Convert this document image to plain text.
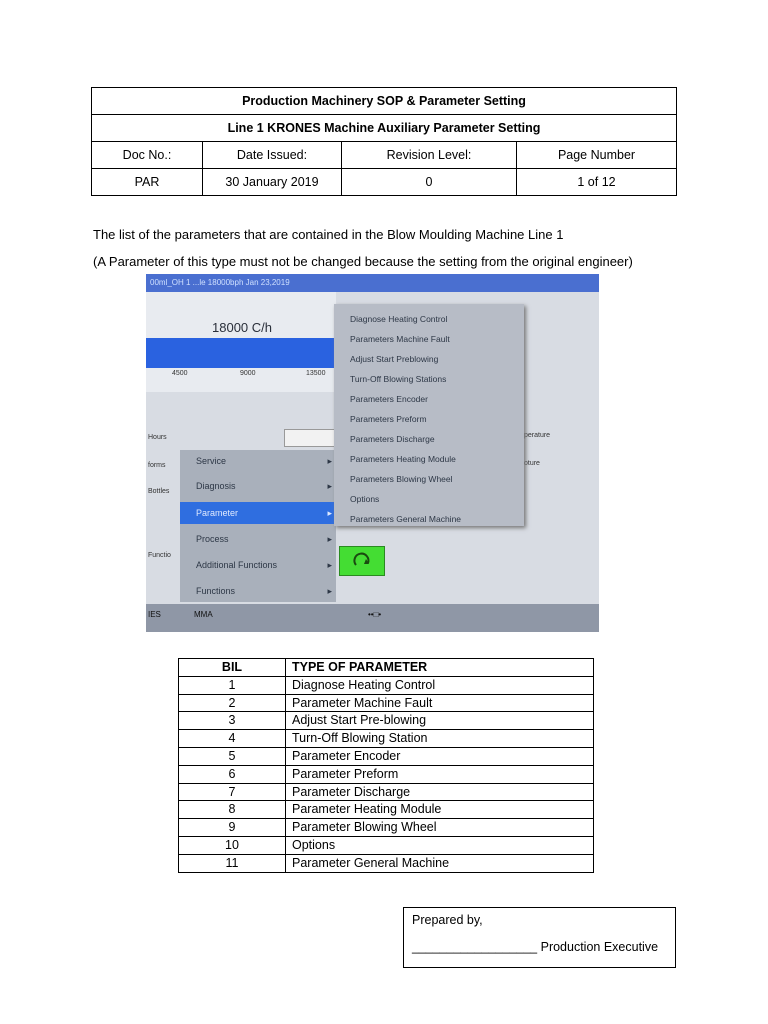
Production Machinery SOP & Parameter Setting			
Line 1 KRONES Machine Auxiliary Parameter Setting			
Doc No.:	Date Issued:	Revision Level:	Page Number
PAR	30 January 2019	0	1 of 12
The list of the parameters that are contained in the Blow Moulding Machine Line 1
(A Parameter of this type must not be changed because the setting from the original engineer)
00ml_OH 1 ...le 18000bph Jan 23,2019
18000 C/h
4500	9000	13500
Hours
forms
Bottles
Functio
perature
oture
Service	▸
Diagnosis	▸
Parameter	▸
Process	▸
Additional Functions	▸
Functions	▸
Diagnose Heating Control
Parameters Machine Fault
Adjust Start Preblowing
Turn-Off Blowing Stations
Parameters Encoder
Parameters Preform
Parameters Discharge
Parameters Heating Module
Parameters Blowing Wheel
Options
Parameters General Machine
IES	MMA	••□•
BIL	TYPE OF PARAMETER
1	Diagnose Heating Control
2	Parameter Machine Fault
3	Adjust Start Pre-blowing
4	Turn-Off Blowing Station
5	Parameter Encoder
6	Parameter Preform
7	Parameter Discharge
8	Parameter Heating Module
9	Parameter Blowing Wheel
10	Options
11	Parameter General Machine
Prepared by,
__________________ Production Executive
